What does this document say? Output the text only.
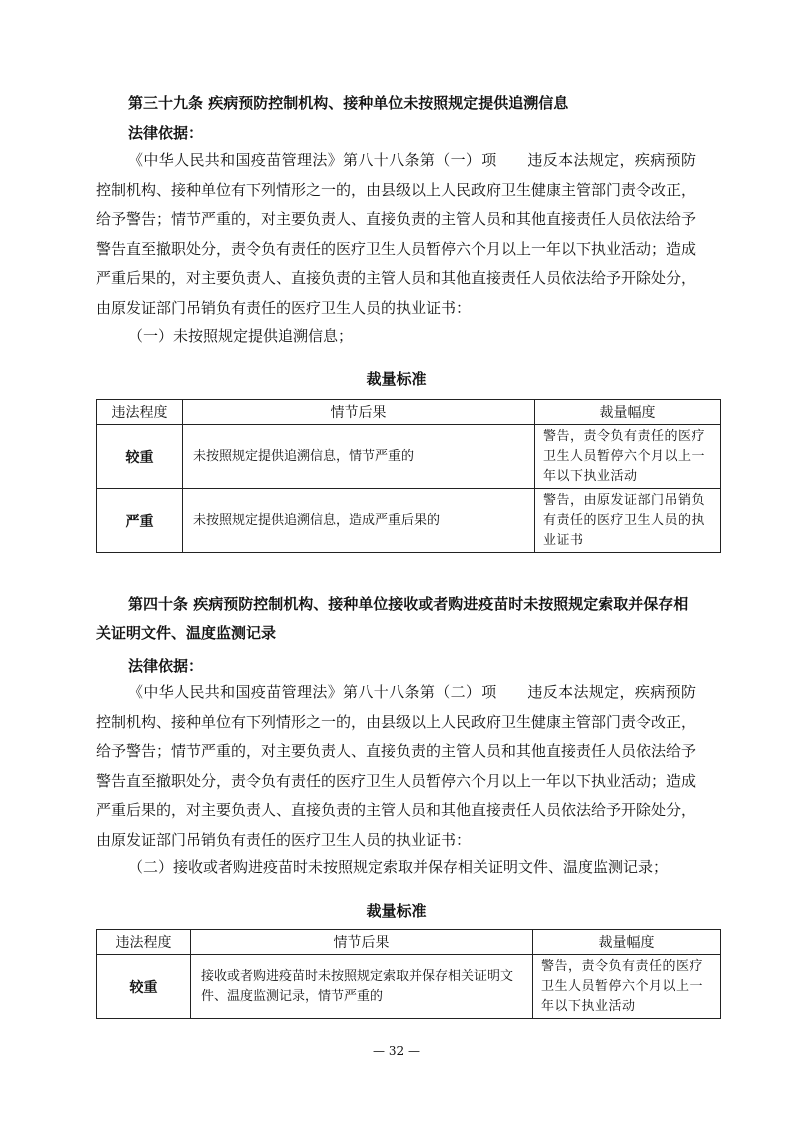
第三十九条 疾病预防控制机构、接种单位未按照规定提供追溯信息
法律依据：

《中华人民共和国疫苗管理法》第八十八条第（一）项　　违反本法规定，疾病预防控制机构、接种单位有下列情形之一的，由县级以上人民政府卫生健康主管部门责令改正，给予警告；情节严重的，对主要负责人、直接负责的主管人员和其他直接责任人员依法给予警告直至撤职处分，责令负有责任的医疗卫生人员暂停六个月以上一年以下执业活动；造成严重后果的，对主要负责人、直接负责的主管人员和其他直接责任人员依法给予开除处分，由原发证部门吊销负有责任的医疗卫生人员的执业证书：

（一）未按照规定提供追溯信息；

裁量标准
违法程度	情节后果	裁量幅度
较重	未按照规定提供追溯信息，情节严重的	警告，责令负有责任的医疗卫生人员暂停六个月以上一年以下执业活动
严重	未按照规定提供追溯信息，造成严重后果的	警告，由原发证部门吊销负有责任的医疗卫生人员的执业证书

第四十条 疾病预防控制机构、接种单位接收或者购进疫苗时未按照规定索取并保存相关证明文件、温度监测记录

法律依据：

《中华人民共和国疫苗管理法》第八十八条第（二）项　　违反本法规定，疾病预防控制机构、接种单位有下列情形之一的，由县级以上人民政府卫生健康主管部门责令改正，给予警告；情节严重的，对主要负责人、直接负责的主管人员和其他直接责任人员依法给予警告直至撤职处分，责令负有责任的医疗卫生人员暂停六个月以上一年以下执业活动；造成严重后果的，对主要负责人、直接负责的主管人员和其他直接责任人员依法给予开除处分，由原发证部门吊销负有责任的医疗卫生人员的执业证书：

（二）接收或者购进疫苗时未按照规定索取并保存相关证明文件、温度监测记录；

裁量标准
违法程度	情节后果	裁量幅度
较重	接收或者购进疫苗时未按照规定索取并保存相关证明文件、温度监测记录，情节严重的	警告，责令负有责任的医疗卫生人员暂停六个月以上一年以下执业活动
— 32 —
